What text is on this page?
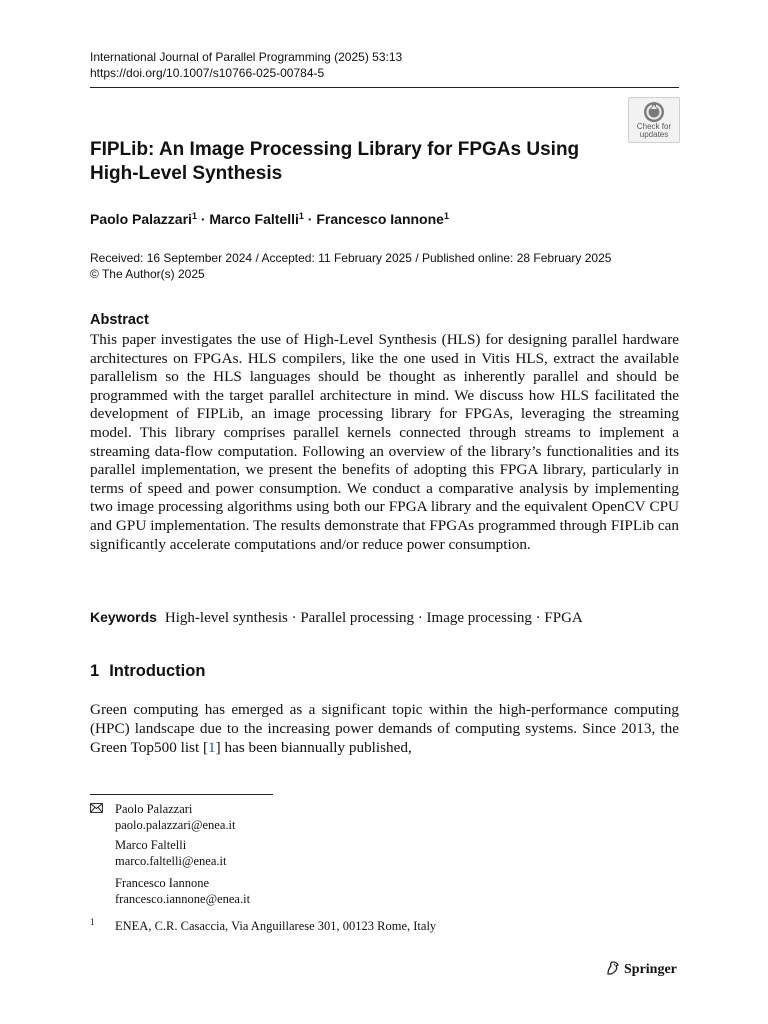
International Journal of Parallel Programming (2025) 53:13
https://doi.org/10.1007/s10766-025-00784-5
Check for
updates
FIPLib: An Image Processing Library for FPGAs Using
High-Level Synthesis
Paolo Palazzari$^1$ · Marco Faltelli$^1$ · Francesco Iannone$^1$
Received: 16 September 2024 / Accepted: 11 February 2025 / Published online: 28 February 2025
© The Author(s) 2025
Abstract
This paper investigates the use of High-Level Synthesis (HLS) for designing parallel hardware architectures on FPGAs. HLS compilers, like the one used in Vitis HLS, extract the available parallelism so the HLS languages should be thought as inherently parallel and should be programmed with the target parallel architecture in mind. We discuss how HLS facilitated the development of FIPLib, an image processing library for FPGAs, leveraging the streaming model. This library comprises parallel kernels connected through streams to implement a streaming data-flow computation. Following an overview of the library’s functionalities and its parallel implementation, we present the benefits of adopting this FPGA library, particularly in terms of speed and power consumption. We conduct a comparative analysis by implementing two image processing algorithms using both our FPGA library and the equivalent OpenCV CPU and GPU implementation. The results demonstrate that FPGAs programmed through FIPLib can significantly accelerate computations and/or reduce power consumption.
Keywords High-level synthesis · Parallel processing · Image processing · FPGA
1 Introduction
Green computing has emerged as a significant topic within the high-performance computing (HPC) landscape due to the increasing power demands of computing systems. Since 2013, the Green Top500 list [1] has been biannually published,
Paolo Palazzari
paolo.palazzari@enea.it
Marco Faltelli
marco.faltelli@enea.it
Francesco Iannone
francesco.iannone@enea.it
1 ENEA, C.R. Casaccia, Via Anguillarese 301, 00123 Rome, Italy
Springer
